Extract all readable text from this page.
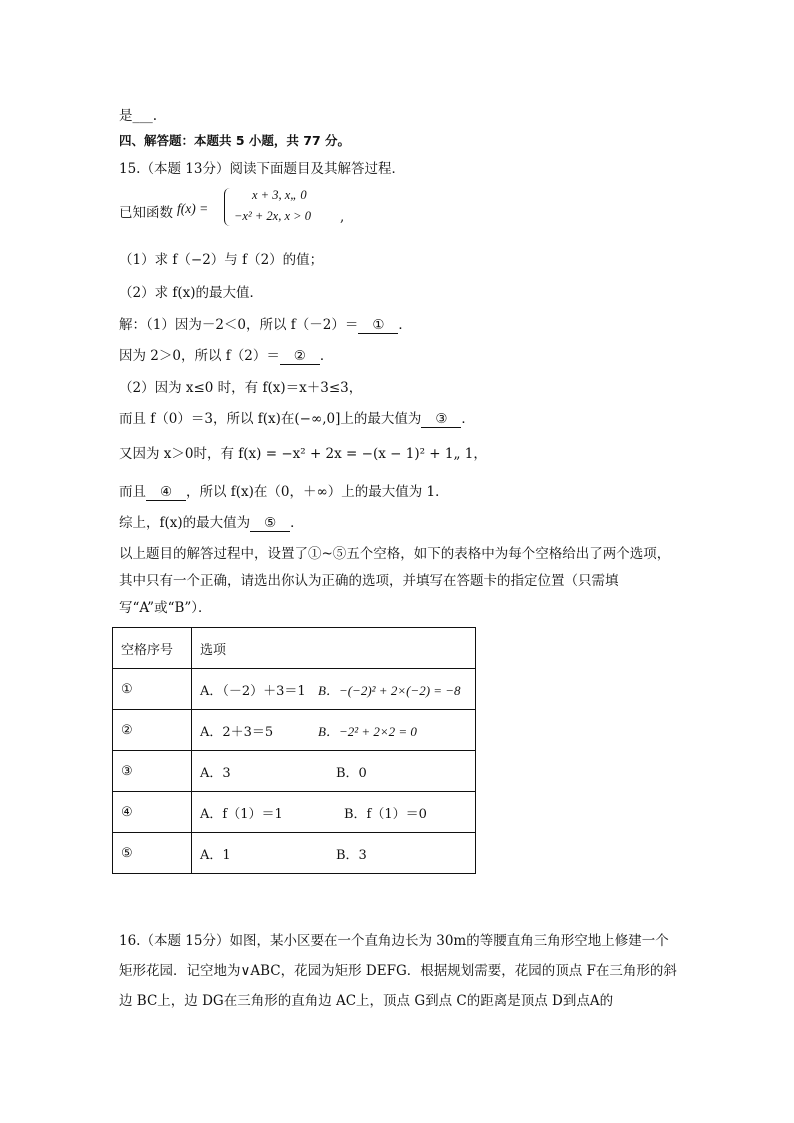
是___.
四、解答题：本题共 5 小题，共 77 分。
15.（本题 13分）阅读下面题目及其解答过程．
已知函数 f(x) =
x + 3, x„ 0
−x² + 2x, x > 0 ,
（1）求 f（−2）与 f（2）的值；
（2）求 f(x)的最大值．
解：（1）因为－2＜0，所以 f（－2）＝ ① ．
因为 2＞0，所以 f（2）＝ ② ．
（2）因为 x≤0 时，有 f(x)＝x＋3≤3，
而且 f（0）＝3，所以 f(x)在(−∞,0]上的最大值为 ③ ．
又因为 x＞0时，有 f(x) = −x² + 2x = −(x − 1)² + 1„ 1，
而且 ④ ，所以 f(x)在（0，＋∞）上的最大值为 1．
综上，f(x)的最大值为 ⑤ ．
以上题目的解答过程中，设置了①~⑤五个空格，如下的表格中为每个空格给出了两个选项，其中只有一个正确，请选出你认为正确的选项，并填写在答题卡的指定位置（只需填写“A”或“B”）．
空格序号	选项
①	A．（－2）＋3＝1 B．−(−2)² + 2×(−2) = −8
②	A．2＋3＝5 B．−2² + 2×2 = 0
③	A．3 B．0
④	A．f（1）＝1 B．f（1）＝0
⑤	A．1 B．3
16.（本题 15分）如图，某小区要在一个直角边长为 30m的等腰直角三角形空地上修建一个矩形花园．记空地为∨ABC，花园为矩形 DEFG．根据规划需要，花园的顶点 F在三角形的斜边 BC上，边 DG在三角形的直角边 AC上，顶点 G到点 C的距离是顶点 D到点A的
